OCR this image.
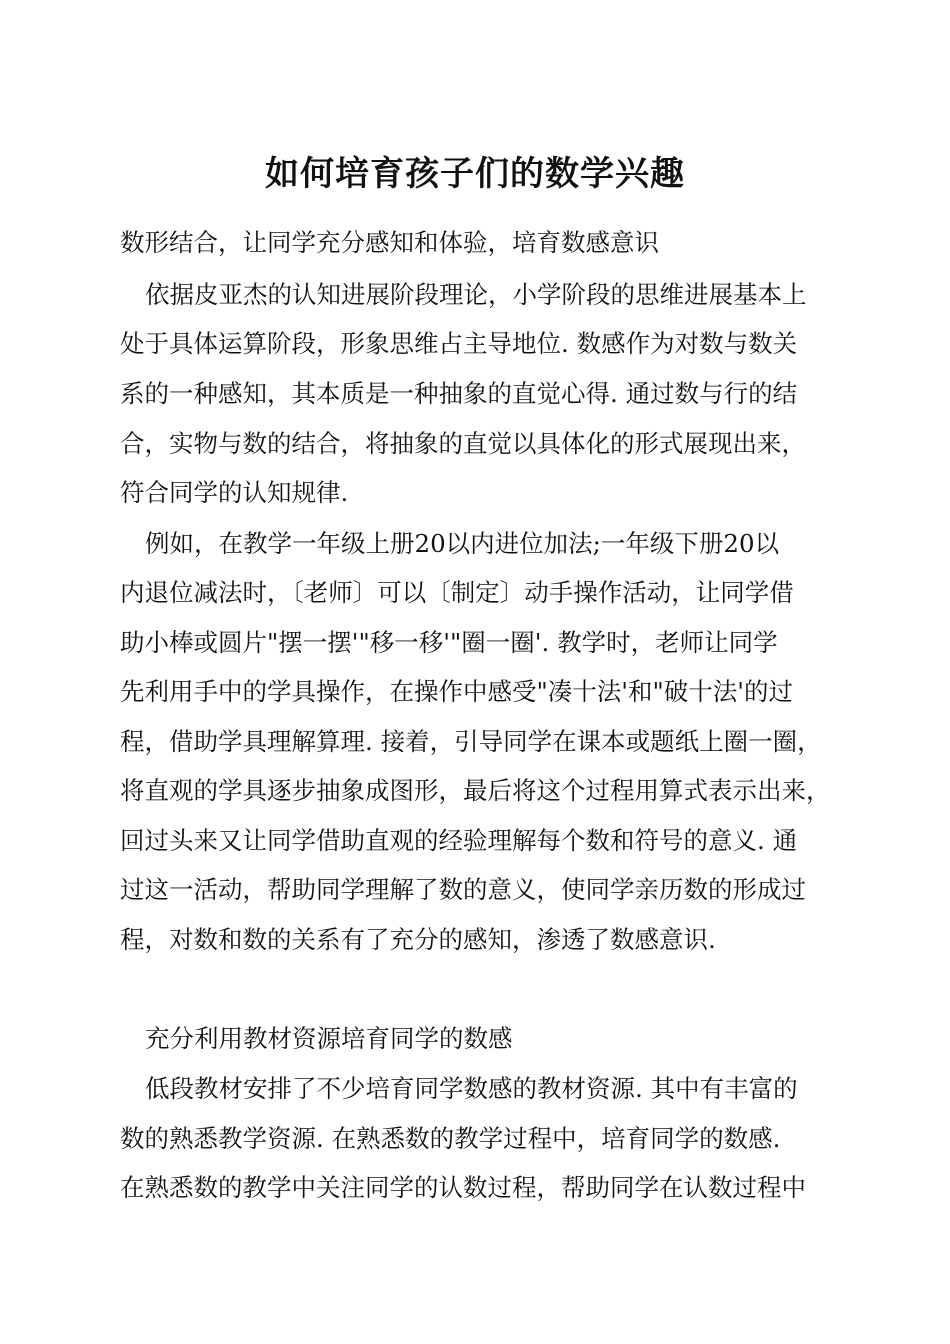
如何培育孩子们的数学兴趣
数形结合，让同学充分感知和体验，培育数感意识
依据皮亚杰的认知进展阶段理论，小学阶段的思维进展基本上
处于具体运算阶段，形象思维占主导地位. 数感作为对数与数关
系的一种感知，其本质是一种抽象的直觉心得. 通过数与行的结
合，实物与数的结合，将抽象的直觉以具体化的形式展现出来，
符合同学的认知规律.
例如，在教学一年级上册20以内进位加法;一年级下册20以
内退位减法时，〔老师〕可以〔制定〕动手操作活动，让同学借
助小棒或圆片"摆一摆'"移一移'"圈一圈'. 教学时，老师让同学
先利用手中的学具操作，在操作中感受"凑十法'和"破十法'的过
程，借助学具理解算理. 接着，引导同学在课本或题纸上圈一圈，
将直观的学具逐步抽象成图形，最后将这个过程用算式表示出来，
回过头来又让同学借助直观的经验理解每个数和符号的意义. 通
过这一活动，帮助同学理解了数的意义，使同学亲历数的形成过
程，对数和数的关系有了充分的感知，渗透了数感意识.
充分利用教材资源培育同学的数感
低段教材安排了不少培育同学数感的教材资源. 其中有丰富的
数的熟悉教学资源. 在熟悉数的教学过程中，培育同学的数感.
在熟悉数的教学中关注同学的认数过程，帮助同学在认数过程中
